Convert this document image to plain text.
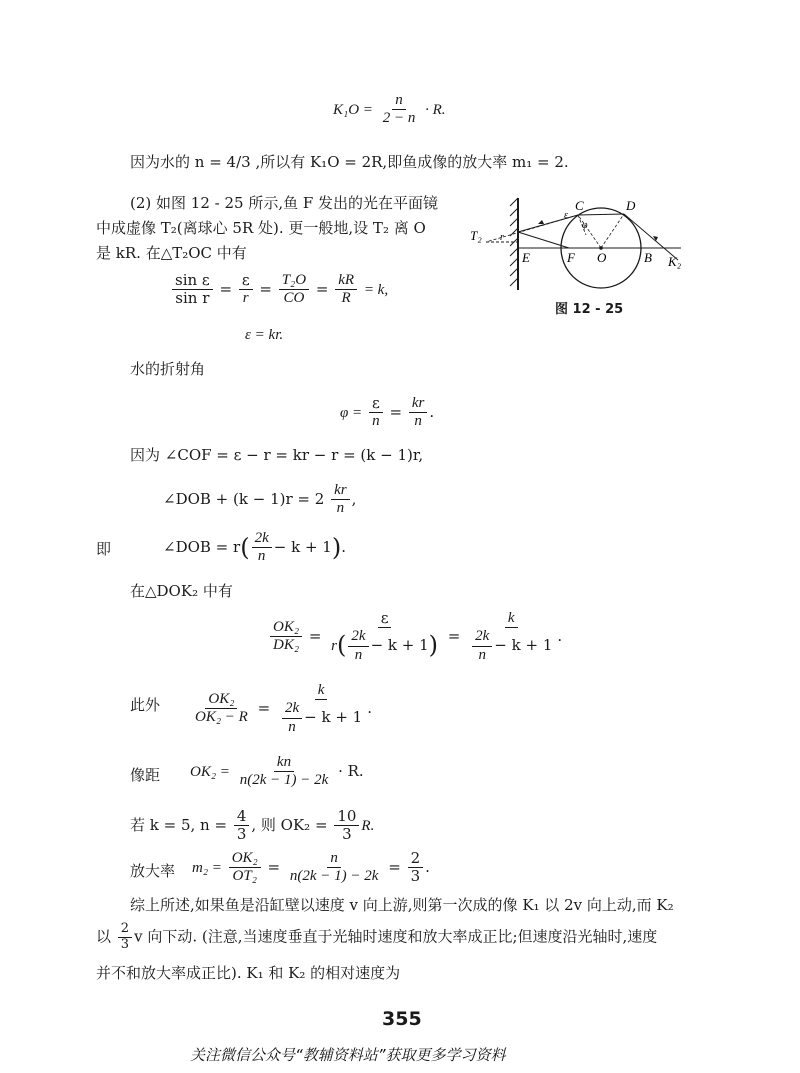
$K_1O = \frac{n}{2 - n} \cdot R$.
因为水的 n = 4/3 ,所以有 K₁O = 2R,即鱼成像的放大率 m₁ = 2.
(2) 如图 12 - 25 所示,鱼 F 发出的光在平面镜
中成虚像 T₂(离球心 5R 处). 更一般地,设 T₂ 离 O
是 kR. 在△T₂OC 中有
T₂ r
E	F O	B K₂
C	D
ε
φ
图 12 - 25
$\frac{\text{sin ε}}{\text{sin r}} = \frac{\varepsilon}{r} = \frac{\text{T₂O}}{CO} = \frac{kR}{R} = k$,
ε = kr.
水的折射角
$\varphi = \frac{\varepsilon}{n} = \frac{kr}{n}$ .
因为 ∠COF = ε − r = kr − r = (k − 1)r,
∠DOB + $(k - 1)r = 2 \frac{kr}{n}$ ,
即	∠DOB = $r( \frac{2k}{n} - k + 1)$.
在△DOK₂ 中有
$\frac{\text{OK₂}}{\text{DK₂}} = \frac{\varepsilon}{r( \frac{2k}{n} - k + 1)} = \frac{k}{\frac{2k}{n} - k + 1}$ .
此外 $\frac{\text{OK₂}}{\text{OK₂ − R}} = \frac{k}{\frac{2k}{n} - k + 1}$ .
像距 $OK_2 = \frac{kn}{n(2k - 1) - 2k} \cdot R$.
若 k = 5, $n = \frac{4}{3}$ , 则 $OK_2 = \frac{10}{3} R$.
放大率 $m_2 = \frac{\text{OK₂}}{\text{OT₂}} = \frac{n}{n(2k - 1) - 2k} = \frac{2}{3}$ .
综上所述,如果鱼是沿缸壁以速度 v 向上游,则第一次成的像 K₁ 以 2v 向上动,而 K₂
以 $\frac{2}{3}$ v 向下动. (注意,当速度垂直于光轴时速度和放大率成正比;但速度沿光轴时,速度
并不和放大率成正比). K₁ 和 K₂ 的相对速度为
355
关注微信公众号“教辅资料站”获取更多学习资料
